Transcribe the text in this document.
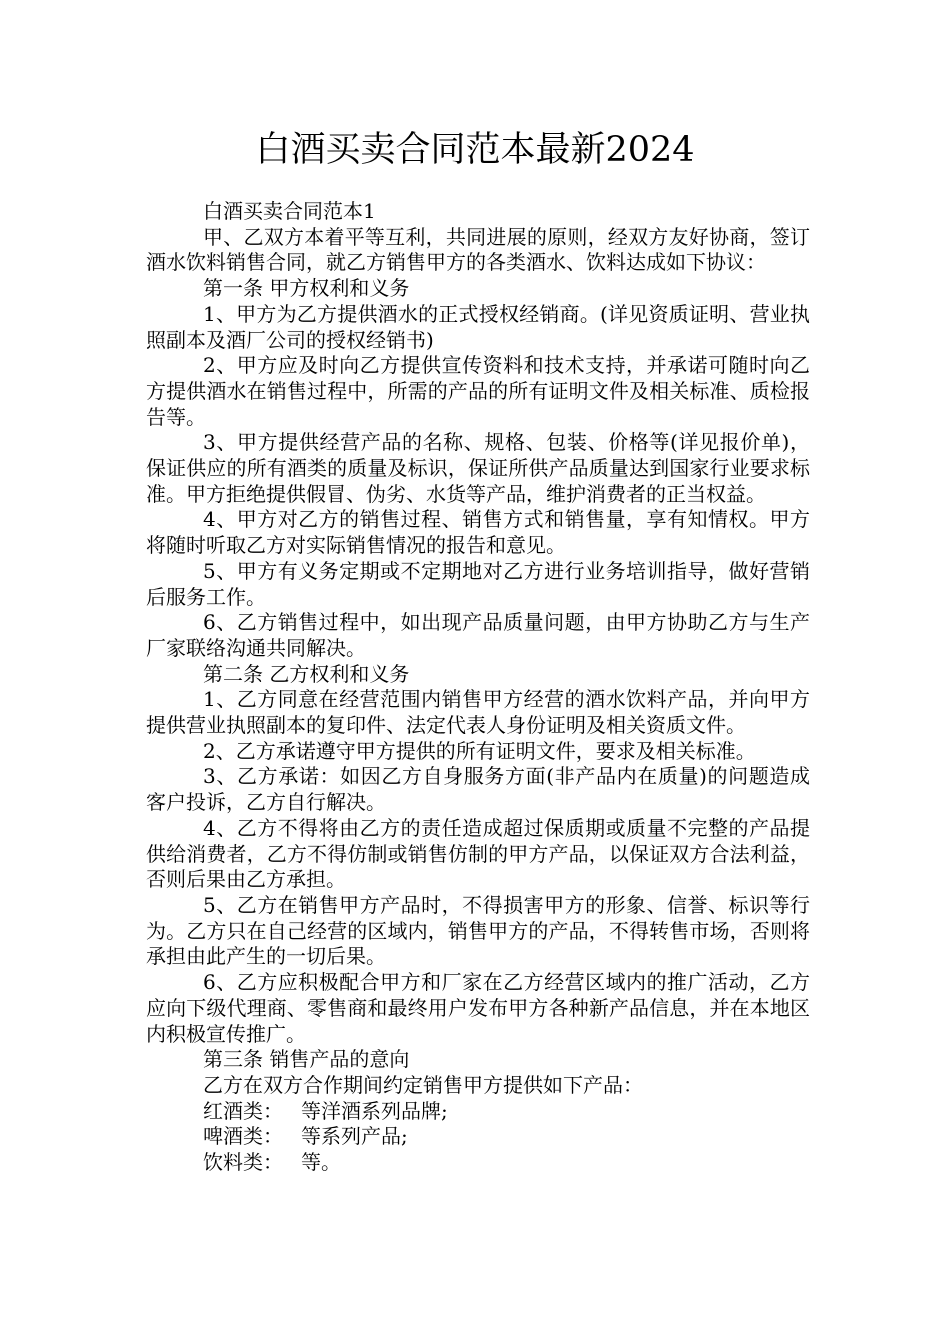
白酒买卖合同范本最新2024

白酒买卖合同范本1

甲、乙双方本着平等互利，共同进展的原则，经双方友好协商，签订酒水饮料销售合同，就乙方销售甲方的各类酒水、饮料达成如下协议：

第一条 甲方权利和义务

1、甲方为乙方提供酒水的正式授权经销商。(详见资质证明、营业执照副本及酒厂公司的授权经销书)

2、甲方应及时向乙方提供宣传资料和技术支持，并承诺可随时向乙方提供酒水在销售过程中，所需的产品的所有证明文件及相关标准、质检报告等。

3、甲方提供经营产品的名称、规格、包装、价格等(详见报价单)，保证供应的所有酒类的质量及标识，保证所供产品质量达到国家行业要求标准。甲方拒绝提供假冒、伪劣、水货等产品，维护消费者的正当权益。

4、甲方对乙方的销售过程、销售方式和销售量，享有知情权。甲方将随时听取乙方对实际销售情况的报告和意见。

5、甲方有义务定期或不定期地对乙方进行业务培训指导，做好营销后服务工作。

6、乙方销售过程中，如出现产品质量问题，由甲方协助乙方与生产厂家联络沟通共同解决。

第二条 乙方权利和义务

1、乙方同意在经营范围内销售甲方经营的酒水饮料产品，并向甲方提供营业执照副本的复印件、法定代表人身份证明及相关资质文件。

2、乙方承诺遵守甲方提供的所有证明文件，要求及相关标准。

3、乙方承诺：如因乙方自身服务方面(非产品内在质量)的问题造成客户投诉，乙方自行解决。

4、乙方不得将由乙方的责任造成超过保质期或质量不完整的产品提供给消费者，乙方不得仿制或销售仿制的甲方产品，以保证双方合法利益，否则后果由乙方承担。

5、乙方在销售甲方产品时，不得损害甲方的形象、信誉、标识等行为。乙方只在自己经营的区域内，销售甲方的产品，不得转售市场，否则将承担由此产生的一切后果。

6、乙方应积极配合甲方和厂家在乙方经营区域内的推广活动，乙方应向下级代理商、零售商和最终用户发布甲方各种新产品信息，并在本地区内积极宣传推广。

第三条 销售产品的意向

乙方在双方合作期间约定销售甲方提供如下产品：

红酒类： 等洋酒系列品牌;
啤酒类： 等系列产品;
饮料类： 等。
